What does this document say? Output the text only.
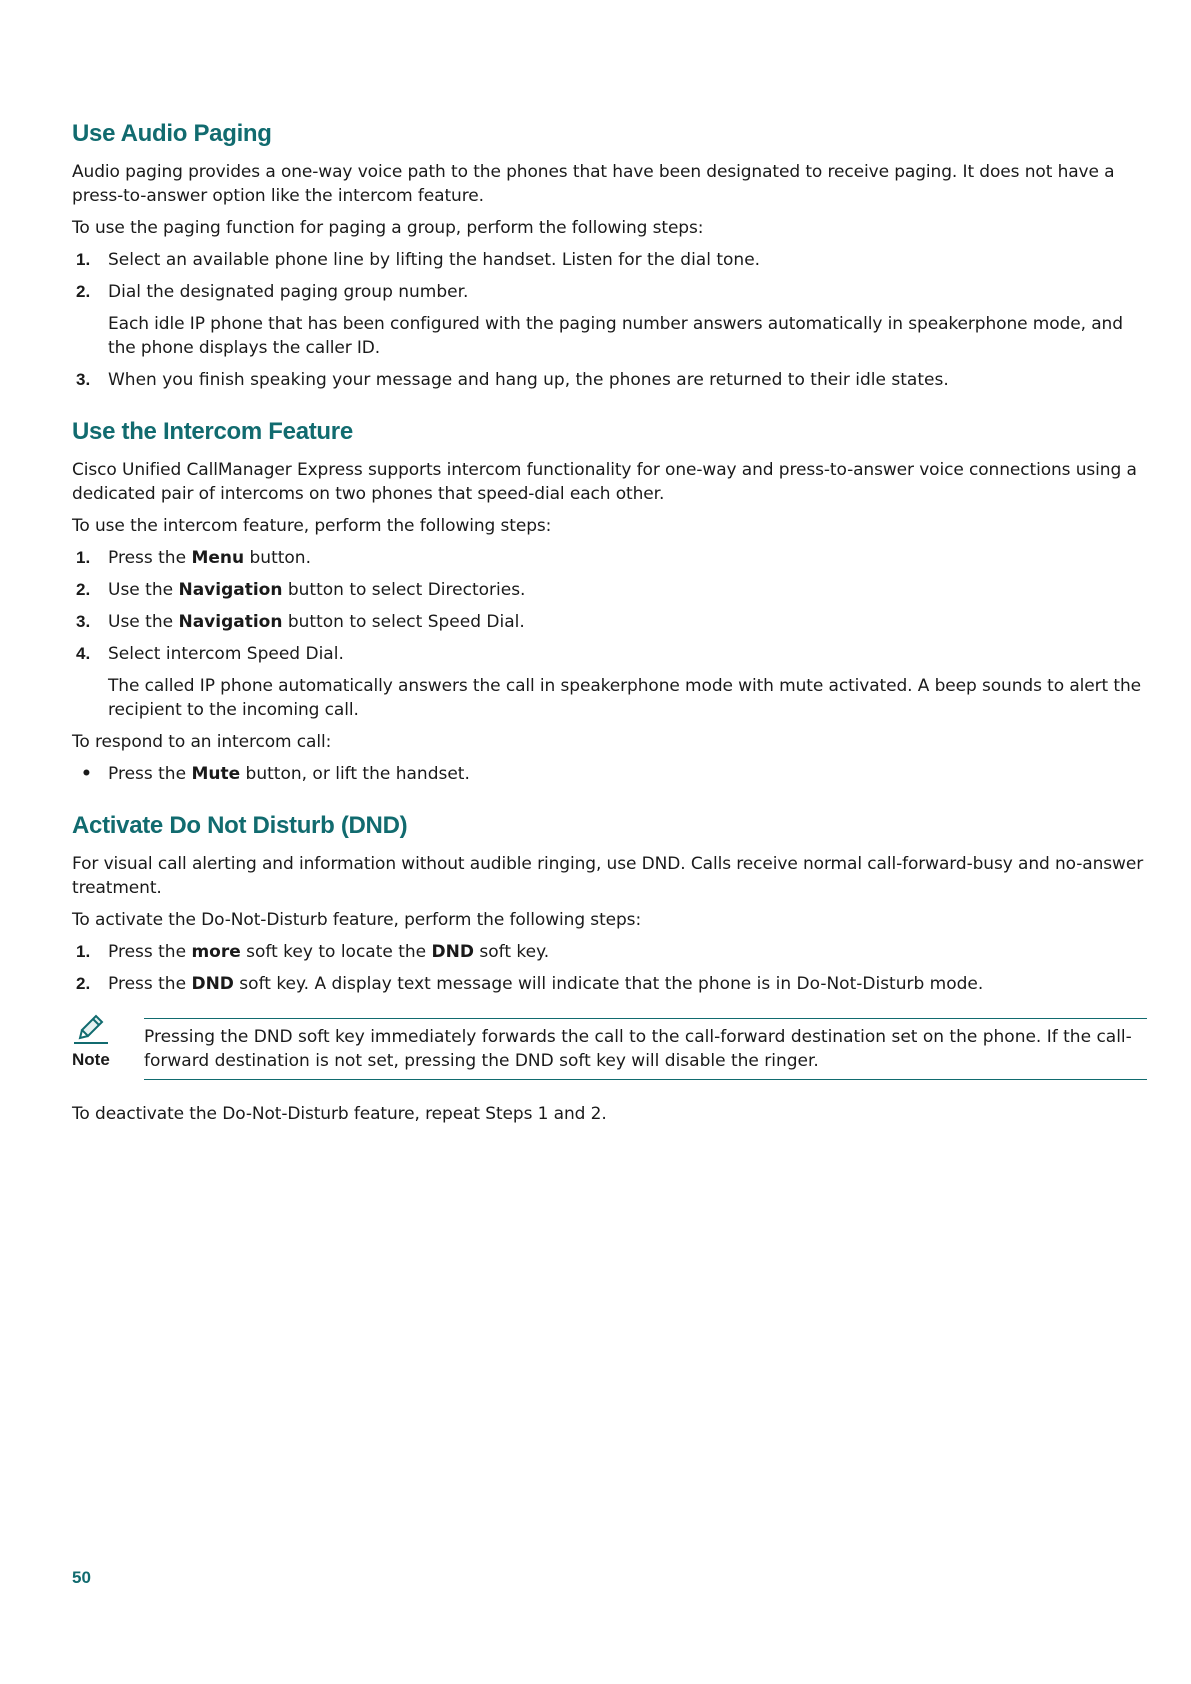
Use Audio Paging

Audio paging provides a one-way voice path to the phones that have been designated to receive paging. It does not have a press-to-answer option like the intercom feature.

To use the paging function for paging a group, perform the following steps:

1. Select an available phone line by lifting the handset. Listen for the dial tone.
2. Dial the designated paging group number.

Each idle IP phone that has been configured with the paging number answers automatically in speakerphone mode, and the phone displays the caller ID.

3. When you finish speaking your message and hang up, the phones are returned to their idle states.
Use the Intercom Feature

Cisco Unified CallManager Express supports intercom functionality for one-way and press-to-answer voice connections using a dedicated pair of intercoms on two phones that speed-dial each other.

To use the intercom feature, perform the following steps:

1. Press the Menu button.
2. Use the Navigation button to select Directories.
3. Use the Navigation button to select Speed Dial.
4. Select intercom Speed Dial.

The called IP phone automatically answers the call in speakerphone mode with mute activated. A beep sounds to alert the recipient to the incoming call.

To respond to an intercom call:

• Press the Mute button, or lift the handset.
Activate Do Not Disturb (DND)

For visual call alerting and information without audible ringing, use DND. Calls receive normal call-forward-busy and no-answer treatment.

To activate the Do-Not-Disturb feature, perform the following steps:

1. Press the more soft key to locate the DND soft key.
2. Press the DND soft key. A display text message will indicate that the phone is in Do-Not-Disturb mode.
Note
Pressing the DND soft key immediately forwards the call to the call-forward destination set on the phone. If the call-forward destination is not set, pressing the DND soft key will disable the ringer.

To deactivate the Do-Not-Disturb feature, repeat Steps 1 and 2.

50
